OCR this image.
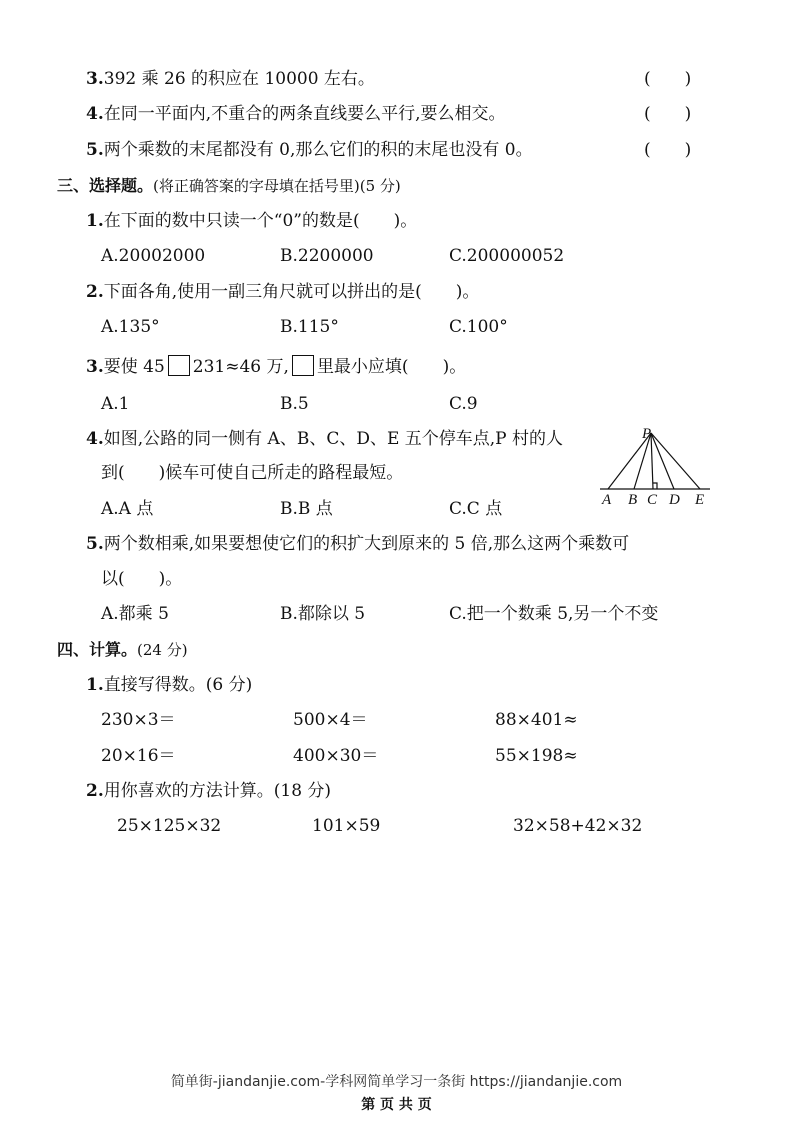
3.392 乘 26 的积应在 10000 左右。	(　　)
4.在同一平面内,不重合的两条直线要么平行,要么相交。	(　　)
5.两个乘数的末尾都没有 0,那么它们的积的末尾也没有 0。	(　　)
三、选择题。(将正确答案的字母填在括号里)(5 分)
1.在下面的数中只读一个“0”的数是(　　)。
A.20002000	B.2200000	C.200000052
2.下面各角,使用一副三角尺就可以拼出的是(　　)。
A.135°	B.115°	C.100°
3.要使 45 231≈46 万, 里最小应填(　　)。
A.1	B.5	C.9
4.如图,公路的同一侧有 A、B、C、D、E 五个停车点,P 村的人
到(　　)候车可使自己所走的路程最短。
A.A 点	B.B 点	C.C 点
P
A B C D E
5.两个数相乘,如果要想使它们的积扩大到原来的 5 倍,那么这两个乘数可
以(　　)。
A.都乘 5	B.都除以 5	C.把一个数乘 5,另一个不变
四、计算。(24 分)
1.直接写得数。(6 分)
230×3＝	500×4＝	88×401≈
20×16＝	400×30＝	55×198≈
2.用你喜欢的方法计算。(18 分)
25×125×32	101×59	32×58+42×32
简单街-jiandanjie.com-学科网简单学习一条街 https://jiandanjie.com
第 页 共 页
